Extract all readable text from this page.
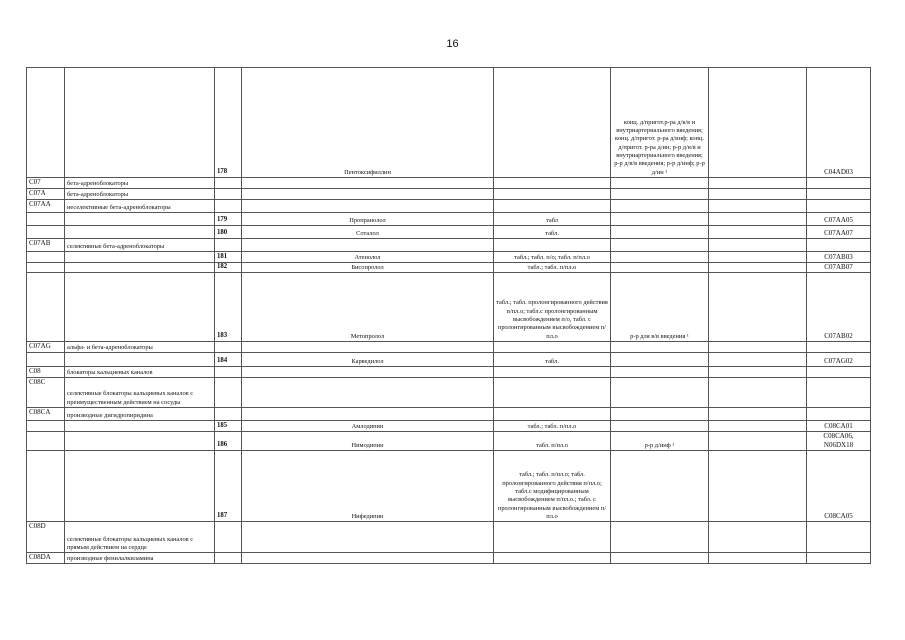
16
		178	Пентоксифиллин		конц. д/пригот.р-ра д/в/в и внутриартериального введения; конц. д/пригот. р-ра д/инф; конц. д/пригот. р-ра д/ин; р-р д/в/в и внутриартериального введения; р-р д/в/в введения; р-р д/инф; р-р д/ин ¹		C04AD03
C07	бета-адреноблокаторы						
C07A	бета-адреноблокаторы						
C07AA	неселективные бета-адреноблокаторы						
		179	Пропранолол	табл			C07AA05
		180	Соталол	табл.			C07AA07
C07AB	селективные бета-адреноблокаторы						
		181	Атенолол	табл.; табл. п/о; табл. п/пл.о			C07AB03
		182	Бисопролол	табл.; табл. п/пл.о			C07AB07
		183	Метопролол	табл.; табл. пролонгированного действия п/пл.о; табл.с пролонгированным высвобождением п/о, табл. с пролонгированным высвобождением п/пл.о	р-р для в/в введения ¹		C07AB02
C07AG	альфа- и бета-адреноблокаторы						
		184	Карведилол	табл.			C07AG02
C08	блокаторы кальциевых каналов						
C08C	селективные блокаторы кальциевых каналов с преимущественным действием на сосуды						
C08CA	производные дигидропиридина						
		185	Амлодипин	табл.; табл. п/пл.о			C08CA01
		186	Нимодипин	табл. п/пл.о	р-р д/инф ¹		C08CA06, N06DX18
		187	Нифедипин	табл.; табл. п/пл.о; табл. пролонгированного действия п/пл.о; табл.с модифицированным высвобождением п/пл.о.; табл. с пролонгированным высвобождением п/пл.о			C08CA05
C08D	селективные блокаторы кальциевых каналов с прямым действием на сердце						
C08DA	производные фенилалкиламина						
